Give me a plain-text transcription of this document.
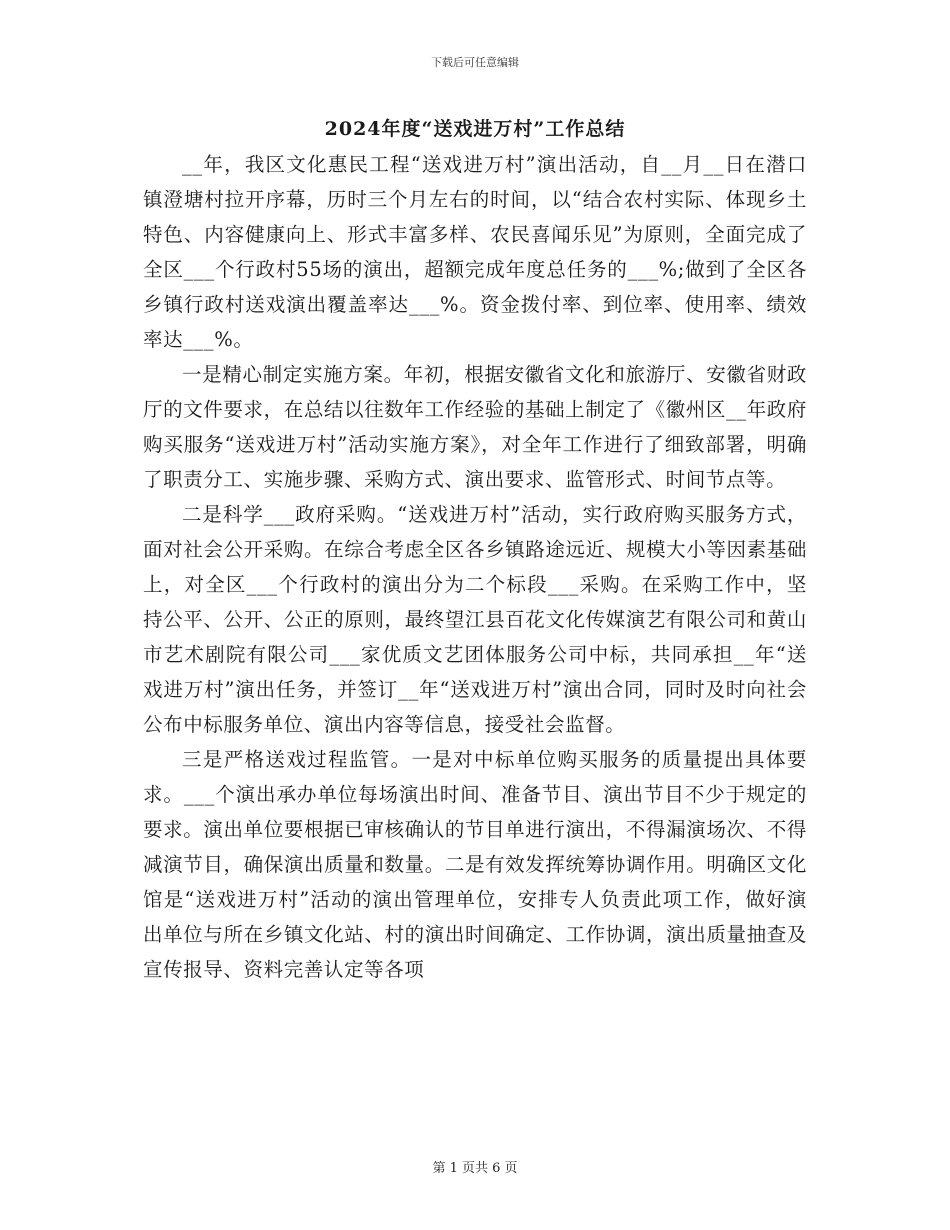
下载后可任意编辑
2024年度“送戏进万村”工作总结

__年，我区文化惠民工程“送戏进万村”演出活动，自__月__日在潜口镇澄塘村拉开序幕，历时三个月左右的时间，以“结合农村实际、体现乡土特色、内容健康向上、形式丰富多样、农民喜闻乐见”为原则，全面完成了全区___个行政村55场的演出，超额完成年度总任务的___%;做到了全区各乡镇行政村送戏演出覆盖率达___%。资金拨付率、到位率、使用率、绩效率达___%。

一是精心制定实施方案。年初，根据安徽省文化和旅游厅、安徽省财政厅的文件要求，在总结以往数年工作经验的基础上制定了《徽州区__年政府购买服务“送戏进万村”活动实施方案》，对全年工作进行了细致部署，明确了职责分工、实施步骤、采购方式、演出要求、监管形式、时间节点等。

二是科学___政府采购。“送戏进万村”活动，实行政府购买服务方式，面对社会公开采购。在综合考虑全区各乡镇路途远近、规模大小等因素基础上，对全区___个行政村的演出分为二个标段___采购。在采购工作中，坚持公平、公开、公正的原则，最终望江县百花文化传媒演艺有限公司和黄山市艺术剧院有限公司___家优质文艺团体服务公司中标，共同承担__年“送戏进万村”演出任务，并签订__年“送戏进万村”演出合同，同时及时向社会公布中标服务单位、演出内容等信息，接受社会监督。

三是严格送戏过程监管。一是对中标单位购买服务的质量提出具体要求。___个演出承办单位每场演出时间、准备节目、演出节目不少于规定的要求。演出单位要根据已审核确认的节目单进行演出，不得漏演场次、不得减演节目，确保演出质量和数量。二是有效发挥统筹协调作用。明确区文化馆是“送戏进万村”活动的演出管理单位，安排专人负责此项工作，做好演出单位与所在乡镇文化站、村的演出时间确定、工作协调，演出质量抽查及宣传报导、资料完善认定等各项

第 1 页共 6 页
